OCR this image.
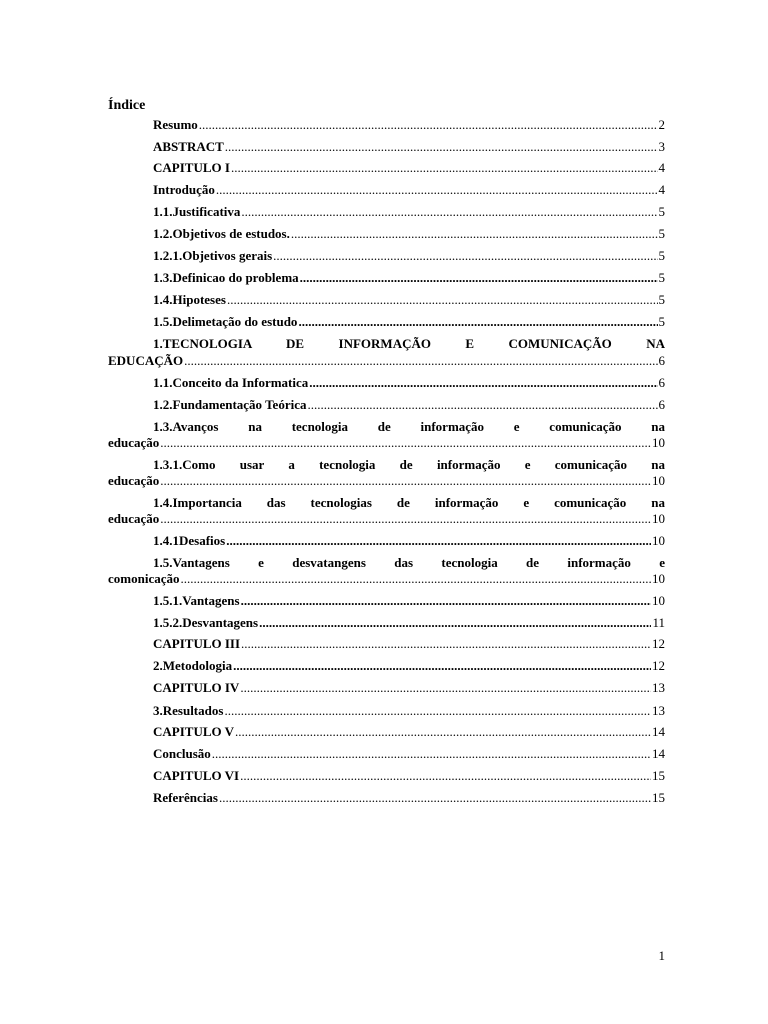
Índice
Resumo .....	2
ABSTRACT .....	3
CAPITULO I .....	4
Introdução .....	4
1.1.Justificativa .....	5
1.2.Objetivos de estudos. .....	5
1.2.1.Objetivos gerais .....	5
1.3.Definicao do problema .....	5
1.4.Hipoteses .....	5
1.5.Delimetação do estudo .....	5
1.TECNOLOGIA DE INFORMAÇÃO E COMUNICAÇÃO NA
EDUCAÇÃO .....	6
1.1.Conceito da Informatica .....	6
1.2.Fundamentação Teórica .....	6
1.3.Avanços na tecnologia de informação e comunicação na
educação .....	10
1.3.1.Como usar a tecnologia de informação e comunicação na
educação .....	10
1.4.Importancia das tecnologias de informação e comunicação na
educação .....	10
1.4.1Desafios .....	10
1.5.Vantagens e desvatangens das tecnologia de informação e
comonicação .....	10
1.5.1.Vantagens .....	10
1.5.2.Desvantagens .....	11
CAPITULO III .....	12
2.Metodologia .....	12
CAPITULO IV .....	13
3.Resultados .....	13
CAPITULO V .....	14
Conclusão .....	14
CAPITULO VI .....	15
Referências .....	15
1
